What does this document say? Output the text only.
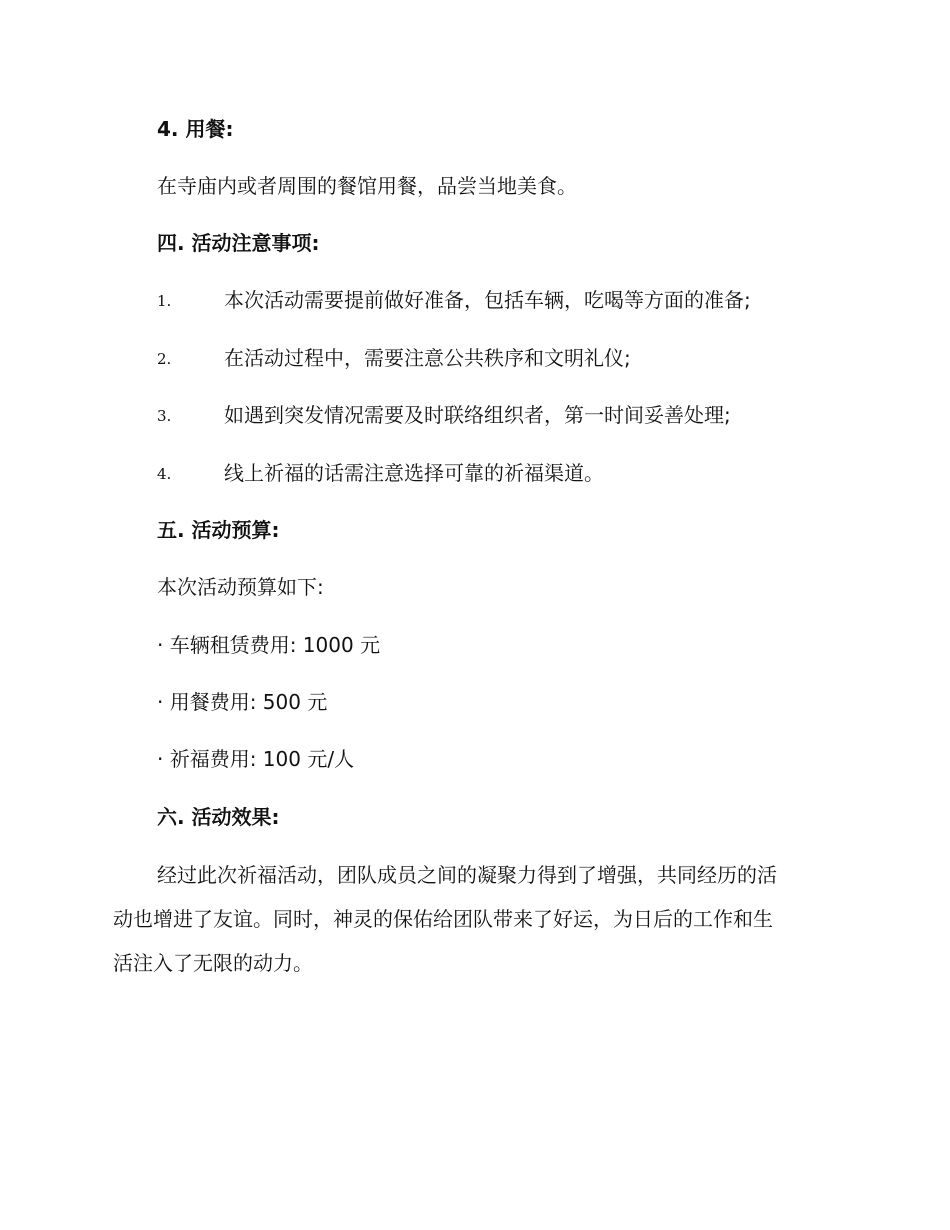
4. 用餐:
在寺庙内或者周围的餐馆用餐，品尝当地美食。
四. 活动注意事项:
1.	本次活动需要提前做好准备，包括车辆，吃喝等方面的准备;
2.	在活动过程中，需要注意公共秩序和文明礼仪;
3.	如遇到突发情况需要及时联络组织者，第一时间妥善处理;
4.	线上祈福的话需注意选择可靠的祈福渠道。
五. 活动预算:
本次活动预算如下:
· 车辆租赁费用: 1000 元
· 用餐费用: 500 元
· 祈福费用: 100 元/人
六. 活动效果:
经过此次祈福活动，团队成员之间的凝聚力得到了增强，共同经历的活
动也增进了友谊。同时，神灵的保佑给团队带来了好运，为日后的工作和生
活注入了无限的动力。
